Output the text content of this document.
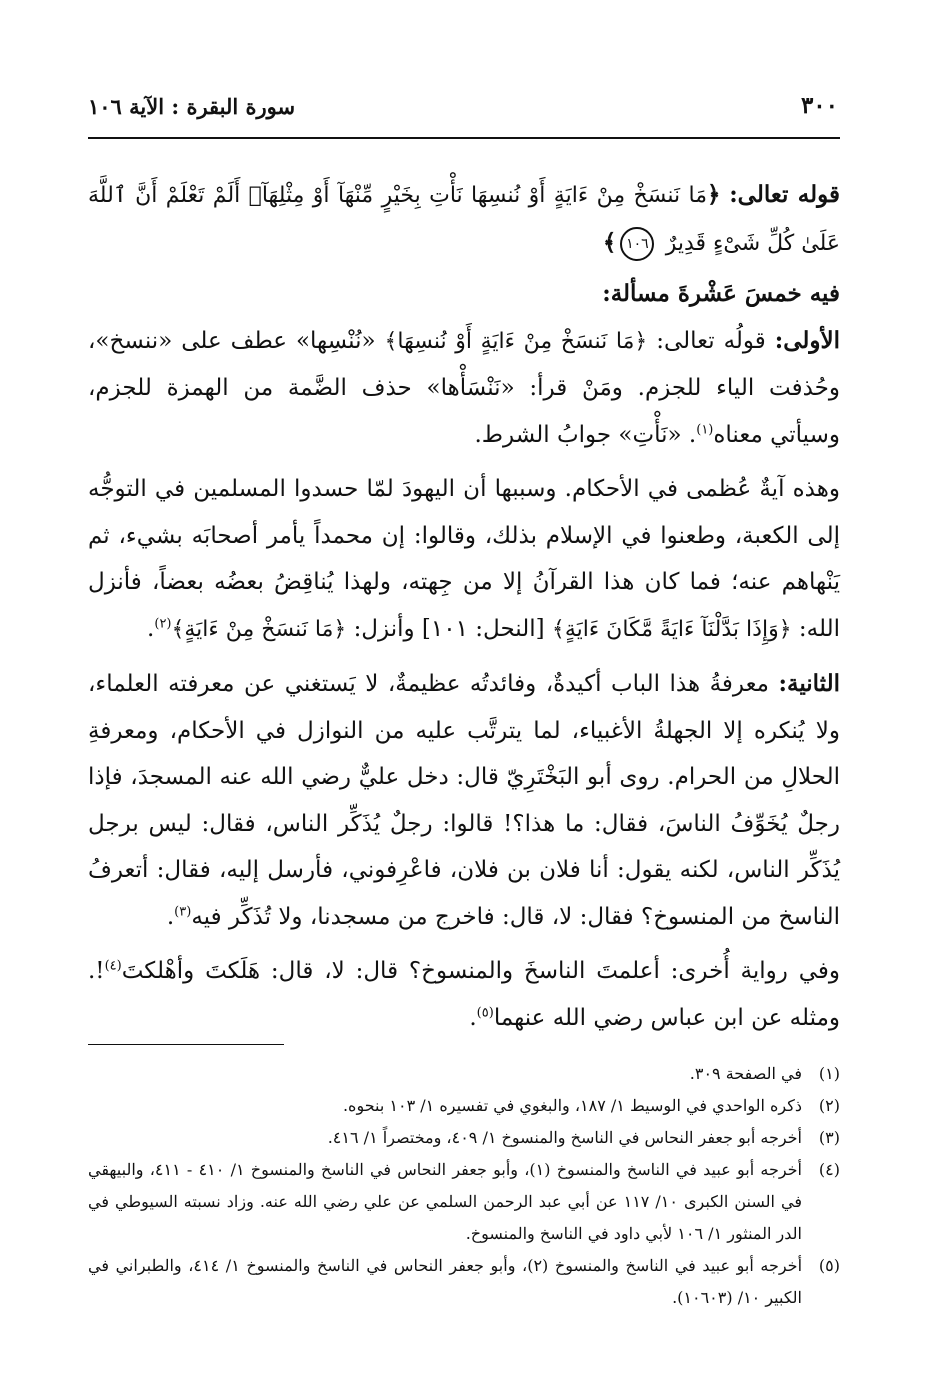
٣٠٠
سورة البقرة : الآية ١٠٦

قوله تعالى: ﴿مَا نَنسَخْ مِنْ ءَايَةٍ أَوْ نُنسِهَا نَأْتِ بِخَيْرٍ مِّنْهَآ أَوْ مِثْلِهَآۗ أَلَمْ تَعْلَمْ أَنَّ ٱللَّهَ عَلَىٰ كُلِّ شَىْءٍ قَدِيرٌ ١٠٦﴾

فيه خمسَ عَشْرةَ مسألة:

الأولى: قولُه تعالى: ﴿مَا نَنسَخْ مِنْ ءَايَةٍ أَوْ نُنسِهَا﴾ «نُنْسِها» عطف على «ننسخ»، وحُذفت الياء للجزم. ومَنْ قرأ: «نَنْسَأْها» حذف الضَّمة من الهمزة للجزم، وسيأتي معناه$^{(١)}$. «نَأْتِ» جوابُ الشرط.

وهذه آيةٌ عُظمى في الأحكام. وسببها أن اليهودَ لمّا حسدوا المسلمين في التوجُّه إلى الكعبة، وطعنوا في الإسلام بذلك، وقالوا: إن محمداً يأمر أصحابَه بشيء، ثم يَنْهاهم عنه؛ فما كان هذا القرآنُ إلا من جِهته، ولهذا يُناقِضُ بعضُه بعضاً، فأنزل الله: ﴿وَإِذَا بَدَّلْنَآ ءَايَةً مَّكَانَ ءَايَةٍ﴾ [النحل: ١٠١] وأنزل: ﴿مَا نَنسَخْ مِنْ ءَايَةٍ﴾$^{(٢)}$.

الثانية: معرفةُ هذا الباب أكيدةٌ، وفائدتُه عظيمةٌ، لا يَستغني عن معرفته العلماء، ولا يُنكره إلا الجهلةُ الأغبياء، لما يترتَّب عليه من النوازل في الأحكام، ومعرفةِ الحلالِ من الحرام. روى أبو البَخْتَرِيّ قال: دخل عليٌّ رضي الله عنه المسجدَ، فإذا رجلٌ يُخَوِّفُ الناسَ، فقال: ما هذا؟! قالوا: رجلٌ يُذَكِّر الناس، فقال: ليس برجل يُذَكِّر الناس، لكنه يقول: أنا فلان بن فلان، فاعْرِفوني، فأرسل إليه، فقال: أتعرفُ الناسخ من المنسوخ؟ فقال: لا، قال: فاخرج من مسجدنا، ولا تُذَكِّر فيه$^{(٣)}$.

وفي رواية أُخرى: أعلمتَ الناسخَ والمنسوخ؟ قال: لا، قال: هَلَكتَ وأهْلكتَ$^{(٤)}$!. ومثله عن ابن عباس رضي الله عنهما$^{(٥)}$.

(١)
في الصفحة ٣٠٩.
(٢)
ذكره الواحدي في الوسيط ١/ ١٨٧، والبغوي في تفسيره ١/ ١٠٣ بنحوه.
(٣)
أخرجه أبو جعفر النحاس في الناسخ والمنسوخ ١/ ٤٠٩، ومختصراً ١/ ٤١٦.
(٤)
أخرجه أبو عبيد في الناسخ والمنسوخ (١)، وأبو جعفر النحاس في الناسخ والمنسوخ ١/ ٤١٠ - ٤١١، والبيهقي في السنن الكبرى ١٠/ ١١٧ عن أبي عبد الرحمن السلمي عن علي رضي الله عنه. وزاد نسبته السيوطي في الدر المنثور ١/ ١٠٦ لأبي داود في الناسخ والمنسوخ.
(٥)
أخرجه أبو عبيد في الناسخ والمنسوخ (٢)، وأبو جعفر النحاس في الناسخ والمنسوخ ١/ ٤١٤، والطبراني في الكبير ١٠/ (١٠٦٠٣).
